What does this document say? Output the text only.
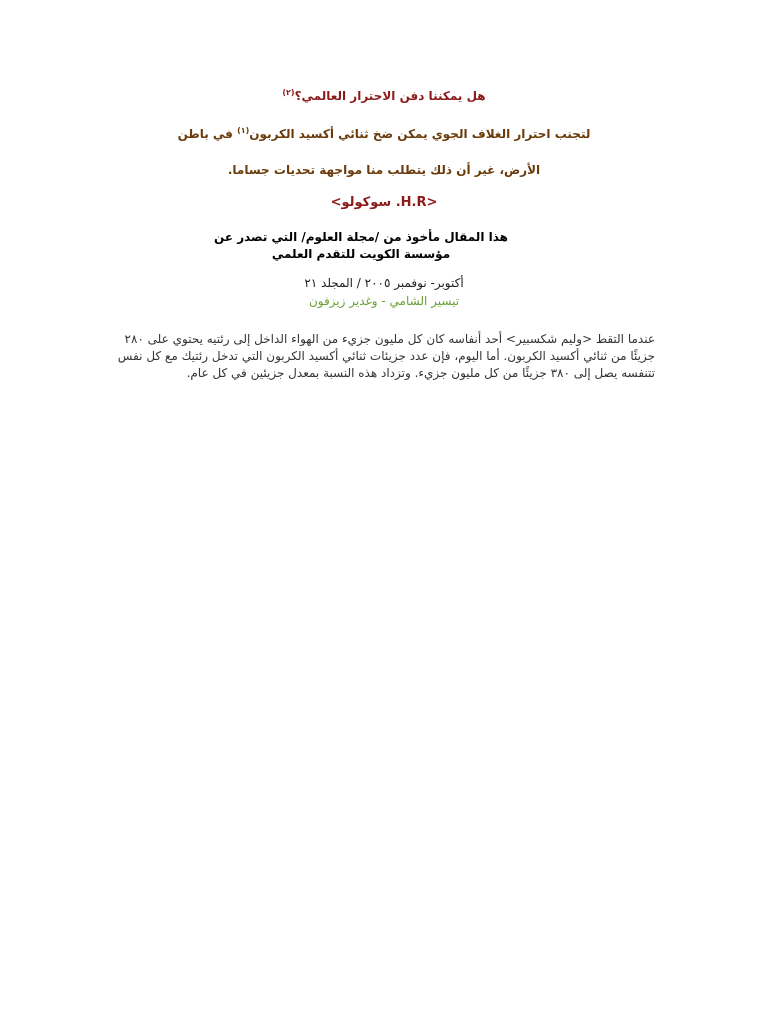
هل يمكننا دفن الاحترار العالمي؟$^{(٢)}$
لتجنب احترار الغلاف الجوي يمكن ضخ ثنائي أكسيد الكربون$^{(١)}$ في باطن
الأرض، غير أن ذلك يتطلب منا مواجهة تحديات جساما.
<H.R. سوكولو>
هذا المقال مأخوذ من /مجلة العلوم/ التي تصدر عن مؤسسة الكويت للتقدم العلمي
أكتوبر- نوفمبر ٢٠٠٥ / المجلد ٢١
تيسير الشامي - وغدير زيزفون
عندما التقط <وليم شكسبير> أحد أنفاسه كان كل مليون جزيء من الهواء الداخل إلى رئتيه يحتوي على ٢٨٠ جزيئًا من ثنائي أكسيد الكربون. أما اليوم، فإن عدد جزيئات ثنائي أكسيد الكربون التي تدخل رئتيك مع كل نفس تتنفسه يصل إلى ٣٨٠ جزيئًا من كل مليون جزيء. وتزداد هذه النسبة بمعدل جزيئين في كل عام.
